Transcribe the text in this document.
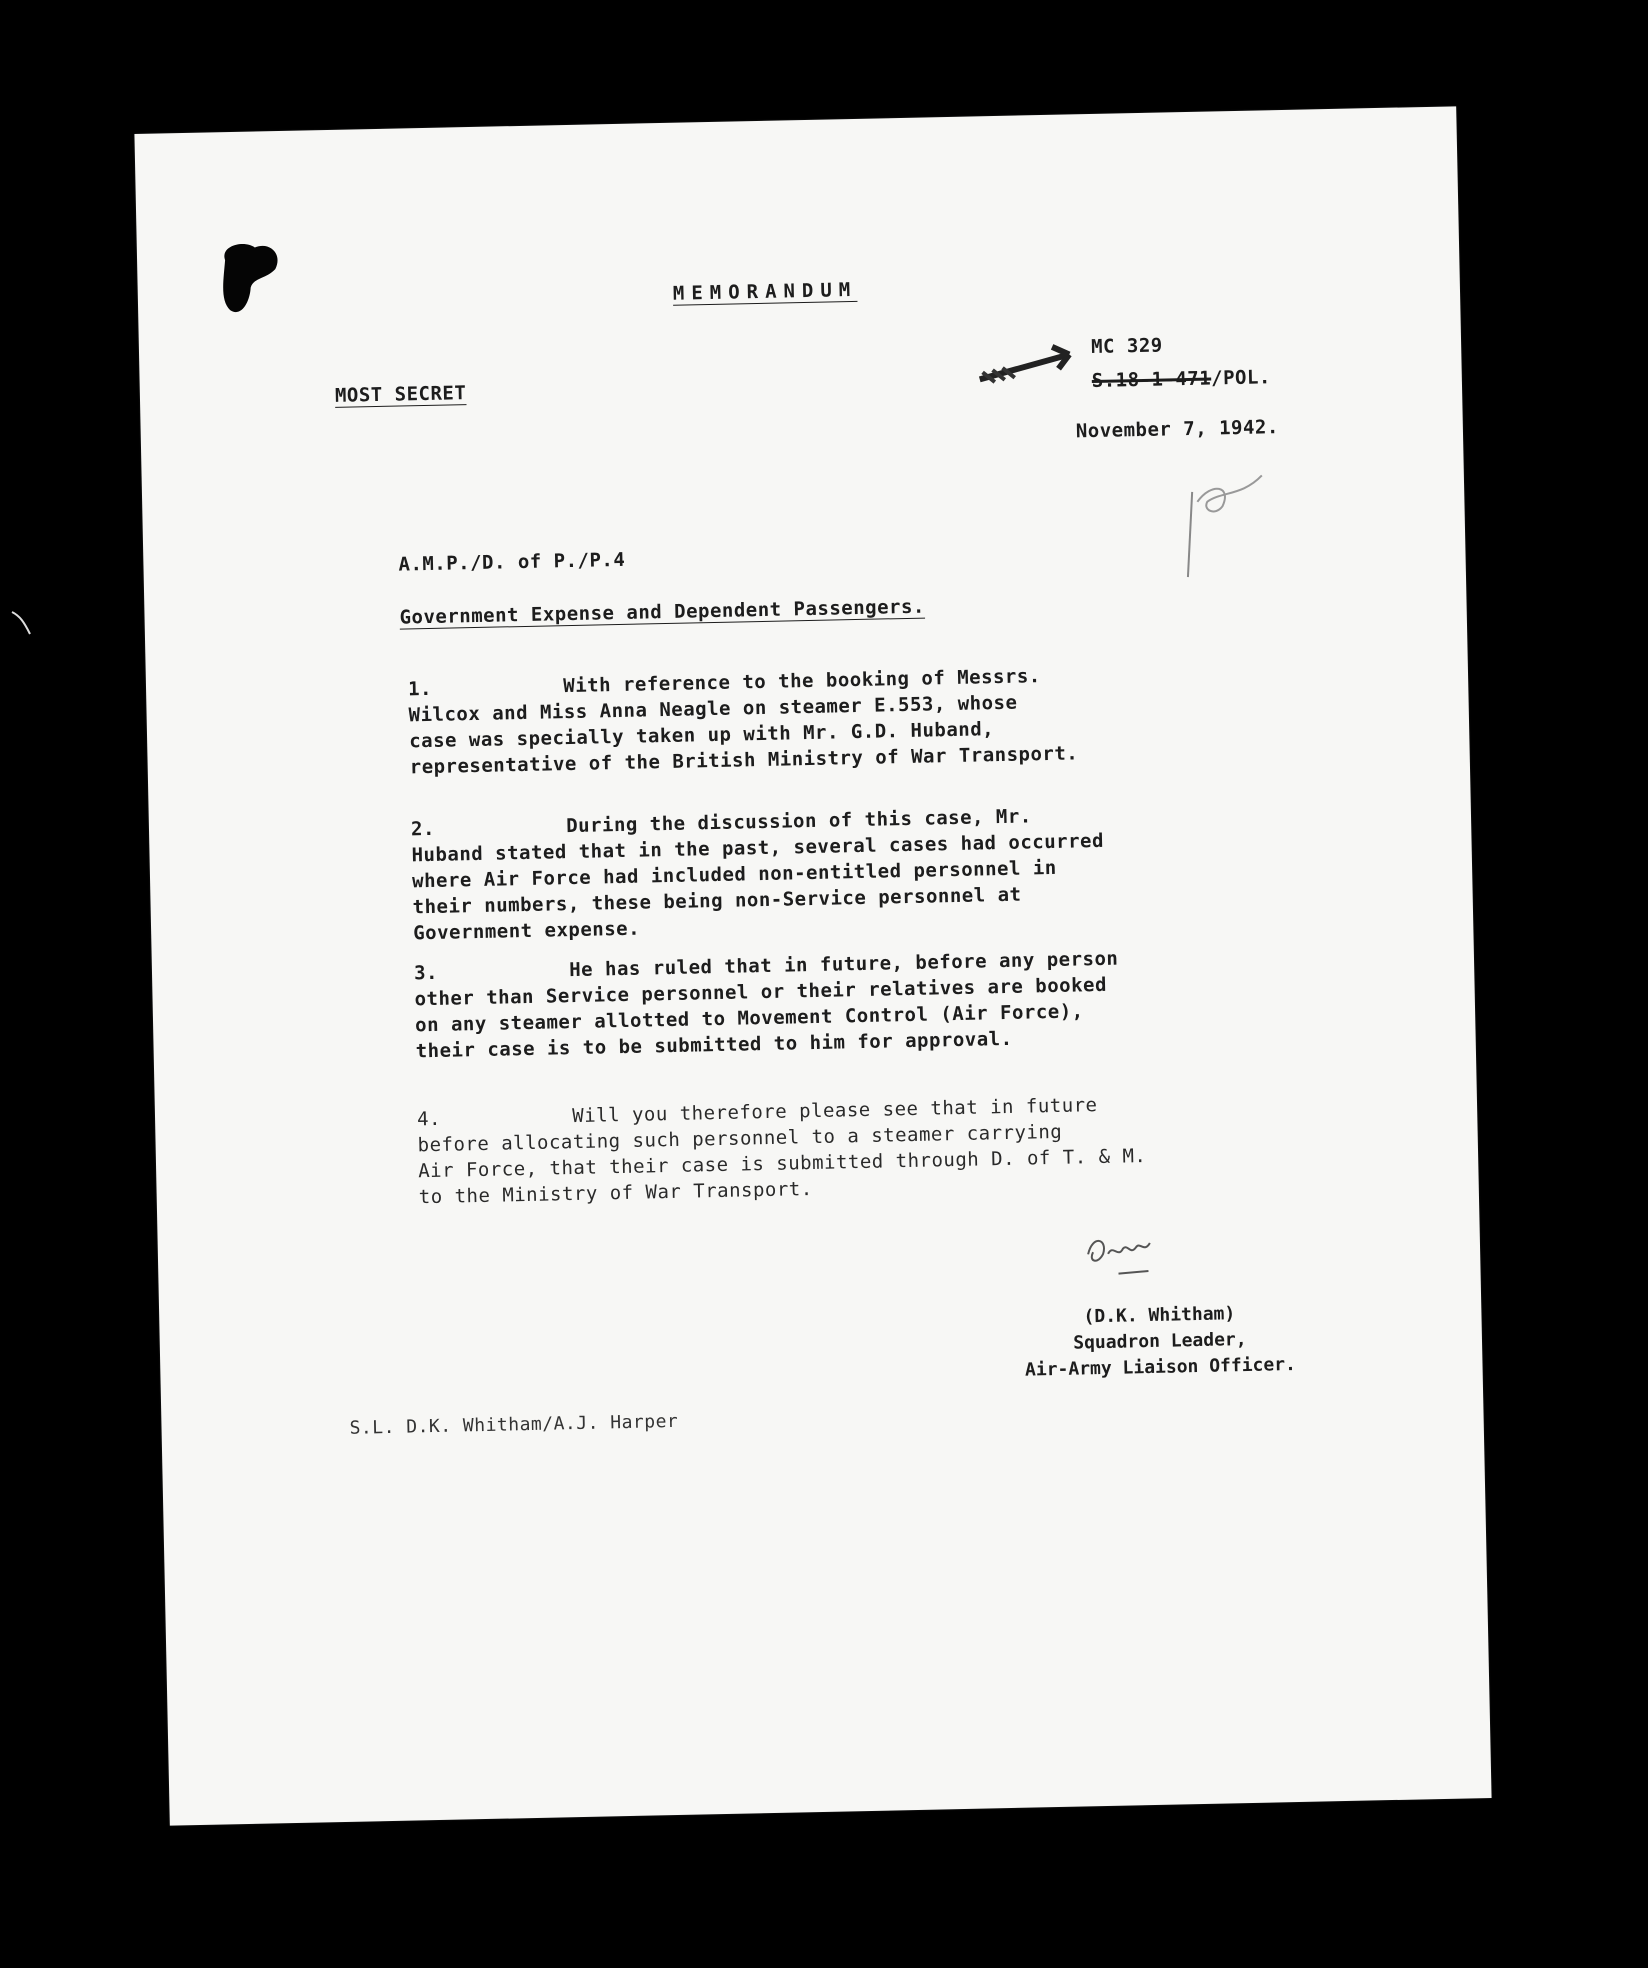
MEMORANDUM
MOST SECRET
MC 329
S.18-1-471/POL.
November 7, 1942.
A.M.P./D. of P./P.4
Government Expense and Dependent Passengers.
1.           With reference to the booking of Messrs.
Wilcox and Miss Anna Neagle on steamer E.553, whose
case was specially taken up with Mr. G.D. Huband,
representative of the British Ministry of War Transport.
2.           During the discussion of this case, Mr.
Huband stated that in the past, several cases had occurred
where Air Force had included non-entitled personnel in
their numbers, these being non-Service personnel at
Government expense.
3.           He has ruled that in future, before any person
other than Service personnel or their relatives are booked
on any steamer allotted to Movement Control (Air Force),
their case is to be submitted to him for approval.
4.           Will you therefore please see that in future
before allocating such personnel to a steamer carrying
Air Force, that their case is submitted through D. of T. & M.
to the Ministry of War Transport.
(D.K. Whitham)
Squadron Leader,
Air-Army Liaison Officer.
S.L. D.K. Whitham/A.J. Harper
